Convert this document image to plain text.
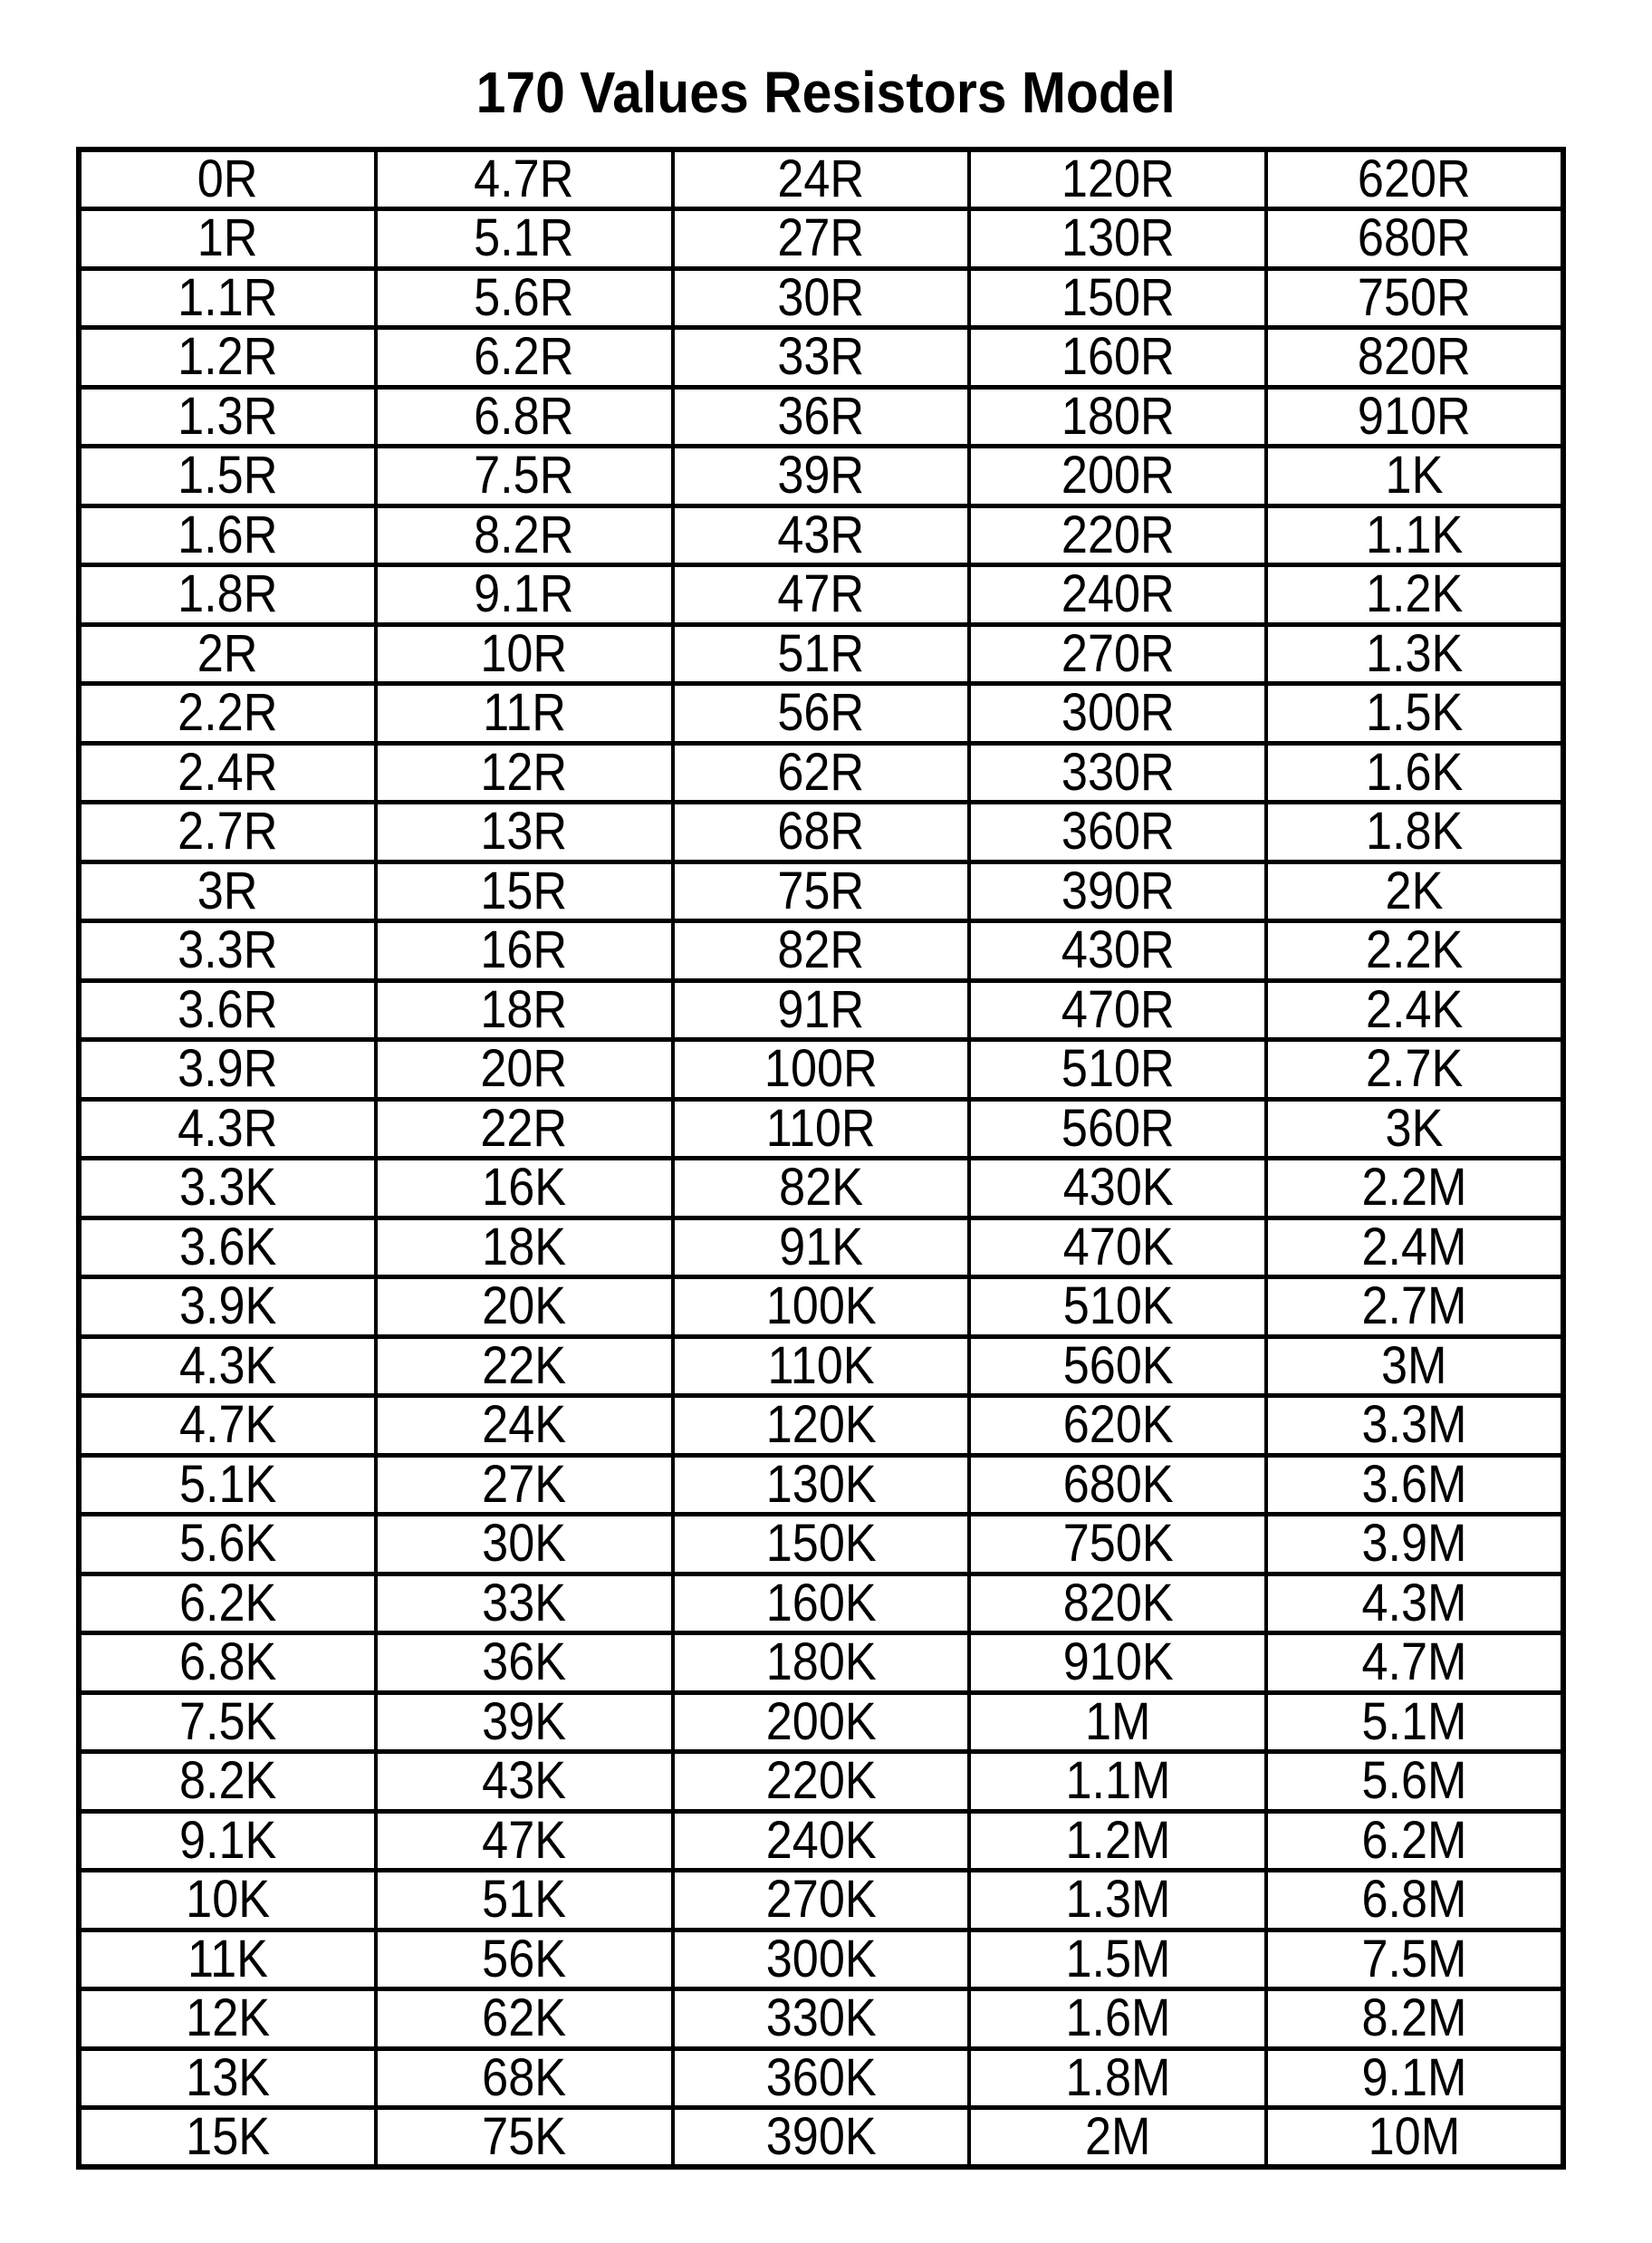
170 Values Resistors Model
0R	4.7R	24R	120R	620R
1R	5.1R	27R	130R	680R
1.1R	5.6R	30R	150R	750R
1.2R	6.2R	33R	160R	820R
1.3R	6.8R	36R	180R	910R
1.5R	7.5R	39R	200R	1K
1.6R	8.2R	43R	220R	1.1K
1.8R	9.1R	47R	240R	1.2K
2R	10R	51R	270R	1.3K
2.2R	11R	56R	300R	1.5K
2.4R	12R	62R	330R	1.6K
2.7R	13R	68R	360R	1.8K
3R	15R	75R	390R	2K
3.3R	16R	82R	430R	2.2K
3.6R	18R	91R	470R	2.4K
3.9R	20R	100R	510R	2.7K
4.3R	22R	110R	560R	3K
3.3K	16K	82K	430K	2.2M
3.6K	18K	91K	470K	2.4M
3.9K	20K	100K	510K	2.7M
4.3K	22K	110K	560K	3M
4.7K	24K	120K	620K	3.3M
5.1K	27K	130K	680K	3.6M
5.6K	30K	150K	750K	3.9M
6.2K	33K	160K	820K	4.3M
6.8K	36K	180K	910K	4.7M
7.5K	39K	200K	1M	5.1M
8.2K	43K	220K	1.1M	5.6M
9.1K	47K	240K	1.2M	6.2M
10K	51K	270K	1.3M	6.8M
11K	56K	300K	1.5M	7.5M
12K	62K	330K	1.6M	8.2M
13K	68K	360K	1.8M	9.1M
15K	75K	390K	2M	10M
